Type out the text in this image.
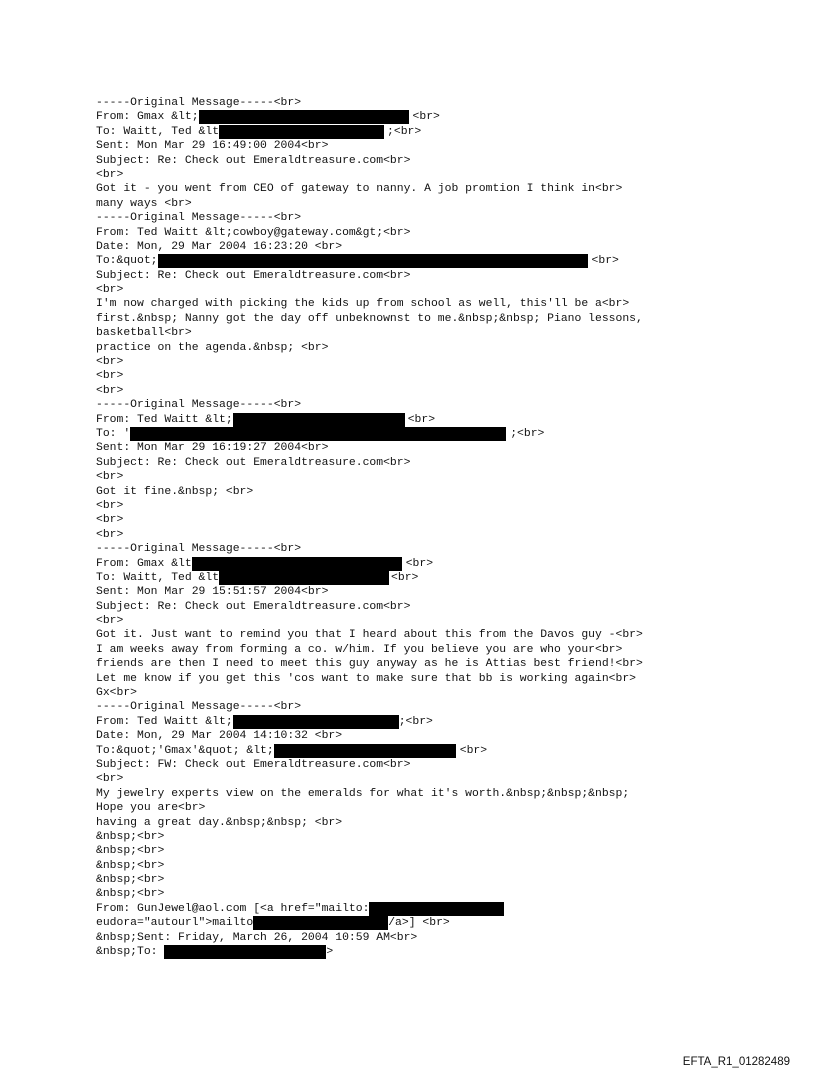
-----Original Message-----<br>
From: Gmax &lt;	<br>
To: Waitt, Ted &lt	;<br>
Sent: Mon Mar 29 16:49:00 2004<br>
Subject: Re: Check out Emeraldtreasure.com<br>
<br>
Got it - you went from CEO of gateway to nanny. A job promtion I think in<br>
many ways <br>
-----Original Message-----<br>
From: Ted Waitt &lt;cowboy@gateway.com&gt;<br>
Date: Mon, 29 Mar 2004 16:23:20 <br>
To:&quot;	<br>
Subject: Re: Check out Emeraldtreasure.com<br>
<br>
I'm now charged with picking the kids up from school as well, this'll be a<br>
first.&nbsp; Nanny got the day off unbeknownst to me.&nbsp;&nbsp; Piano lessons,
basketball<br>
practice on the agenda.&nbsp; <br>
<br>
<br>
<br>
-----Original Message-----<br>
From: Ted Waitt &lt;	<br>
To: '	;<br>
Sent: Mon Mar 29 16:19:27 2004<br>
Subject: Re: Check out Emeraldtreasure.com<br>
<br>
Got it fine.&nbsp; <br>
<br>
<br>
<br>
-----Original Message-----<br>
From: Gmax &lt	<br>
To: Waitt, Ted &lt	<br>
Sent: Mon Mar 29 15:51:57 2004<br>
Subject: Re: Check out Emeraldtreasure.com<br>
<br>
Got it. Just want to remind you that I heard about this from the Davos guy -<br>
I am weeks away from forming a co. w/him. If you believe you are who your<br>
friends are then I need to meet this guy anyway as he is Attias best friend!<br>
Let me know if you get this 'cos want to make sure that bb is working again<br>
Gx<br>
-----Original Message-----<br>
From: Ted Waitt &lt;	;<br>
Date: Mon, 29 Mar 2004 14:10:32 <br>
To:&quot;'Gmax'&quot; &lt;	<br>
Subject: FW: Check out Emeraldtreasure.com<br>
<br>
My jewelry experts view on the emeralds for what it's worth.&nbsp;&nbsp;&nbsp;
Hope you are<br>
having a great day.&nbsp;&nbsp; <br>
&nbsp;<br>
&nbsp;<br>
&nbsp;<br>
&nbsp;<br>
&nbsp;<br>
From: GunJewel@aol.com [<a href="mailto:
eudora="autourl">mailto	/a>] <br>
&nbsp;Sent: Friday, March 26, 2004 10:59 AM<br>
&nbsp;To:	>
EFTA_R1_01282489
